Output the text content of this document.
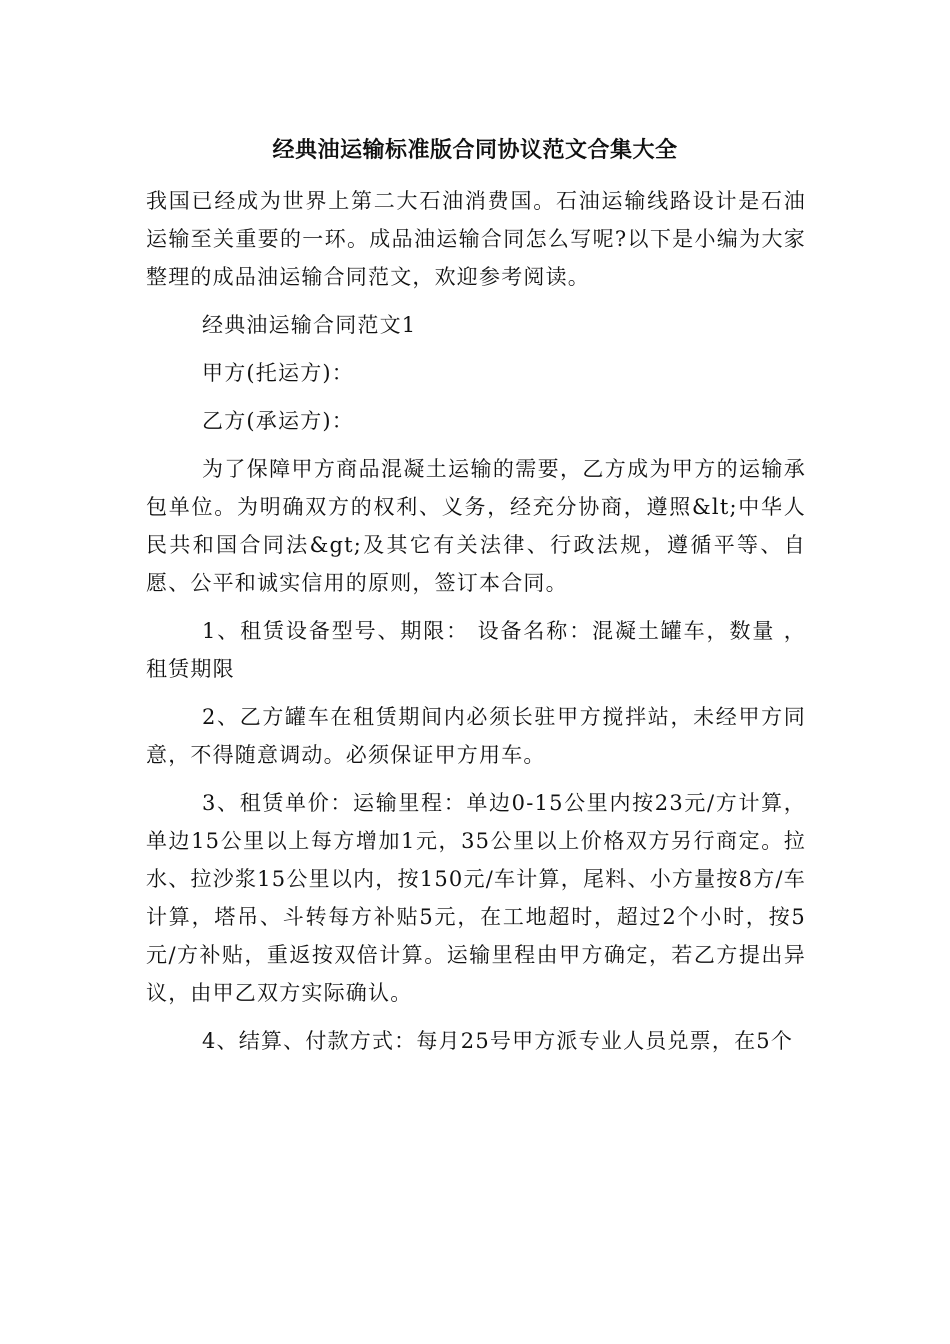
经典油运输标准版合同协议范文合集大全

我国已经成为世界上第二大石油消费国。石油运输线路设计是石油运输至关重要的一环。成品油运输合同怎么写呢?以下是小编为大家整理的成品油运输合同范文，欢迎参考阅读。

经典油运输合同范文1

甲方(托运方)：

乙方(承运方)：

为了保障甲方商品混凝土运输的需要，乙方成为甲方的运输承包单位。为明确双方的权利、义务，经充分协商，遵照&lt;中华人民共和国合同法&gt;及其它有关法律、行政法规，遵循平等、自愿、公平和诚实信用的原则，签订本合同。

1、租赁设备型号、期限： 设备名称：混凝土罐车，数量 ，租赁期限

2、乙方罐车在租赁期间内必须长驻甲方搅拌站，未经甲方同意，不得随意调动。必须保证甲方用车。

3、租赁单价：运输里程：单边0-15公里内按23元/方计算，单边15公里以上每方增加1元，35公里以上价格双方另行商定。拉水、拉沙浆15公里以内，按150元/车计算，尾料、小方量按8方/车计算，塔吊、斗转每方补贴5元，在工地超时，超过2个小时，按5元/方补贴，重返按双倍计算。运输里程由甲方确定，若乙方提出异议，由甲乙双方实际确认。

4、结算、付款方式：每月25号甲方派专业人员兑票，在5个
